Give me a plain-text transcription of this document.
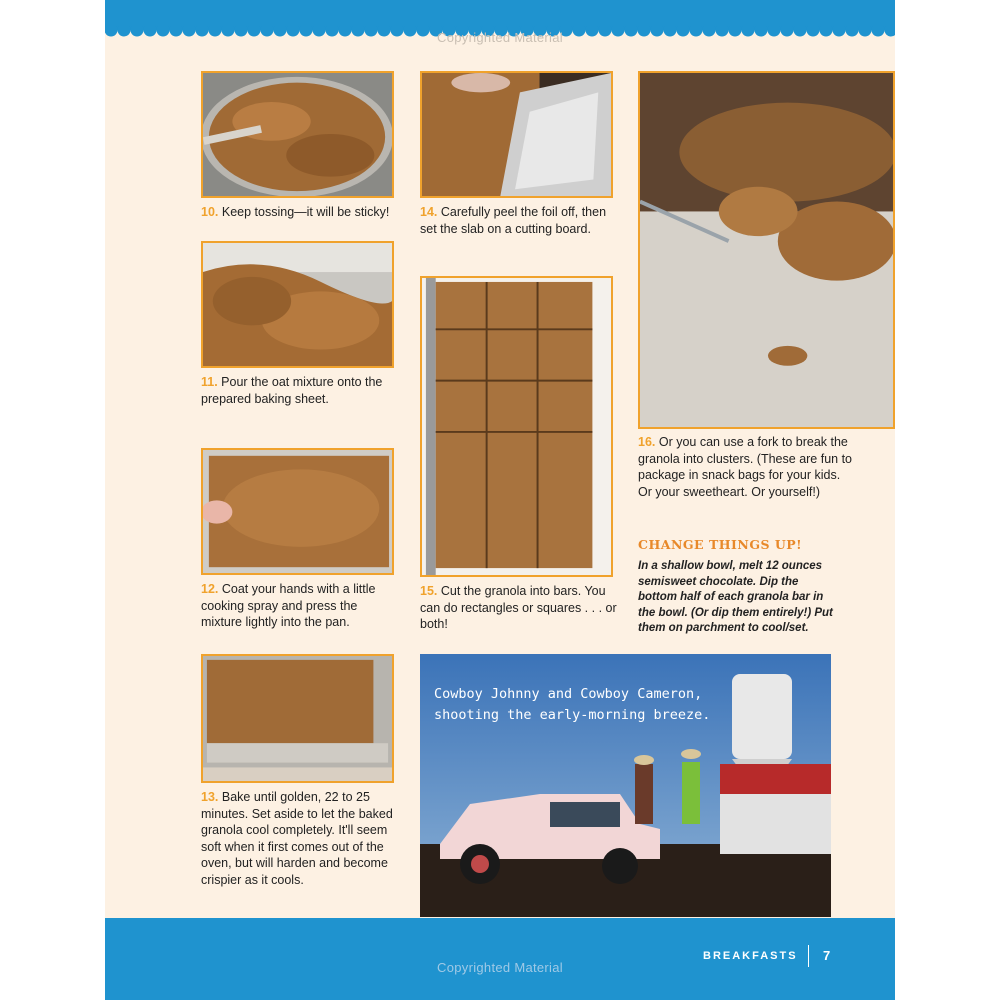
Copyrighted Material
10. Keep tossing—it will be sticky!
11. Pour the oat mixture onto the prepared baking sheet.
12. Coat your hands with a little cooking spray and press the mixture lightly into the pan.
13. Bake until golden, 22 to 25 minutes. Set aside to let the baked granola cool completely. It'll seem soft when it first comes out of the oven, but will harden and become crispier as it cools.
14. Carefully peel the foil off, then set the slab on a cutting board.
15. Cut the granola into bars. You can do rectangles or squares . . . or both!
16. Or you can use a fork to break the granola into clusters. (These are fun to package in snack bags for your kids. Or your sweetheart. Or yourself!)
CHANGE THINGS UP!
In a shallow bowl, melt 12 ounces semisweet chocolate. Dip the bottom half of each granola bar in the bowl. (Or dip them entirely!) Put them on parchment to cool/set.
Cowboy Johnny and Cowboy Cameron, shooting the early-morning breeze.
Copyrighted Material
BREAKFASTS 7
